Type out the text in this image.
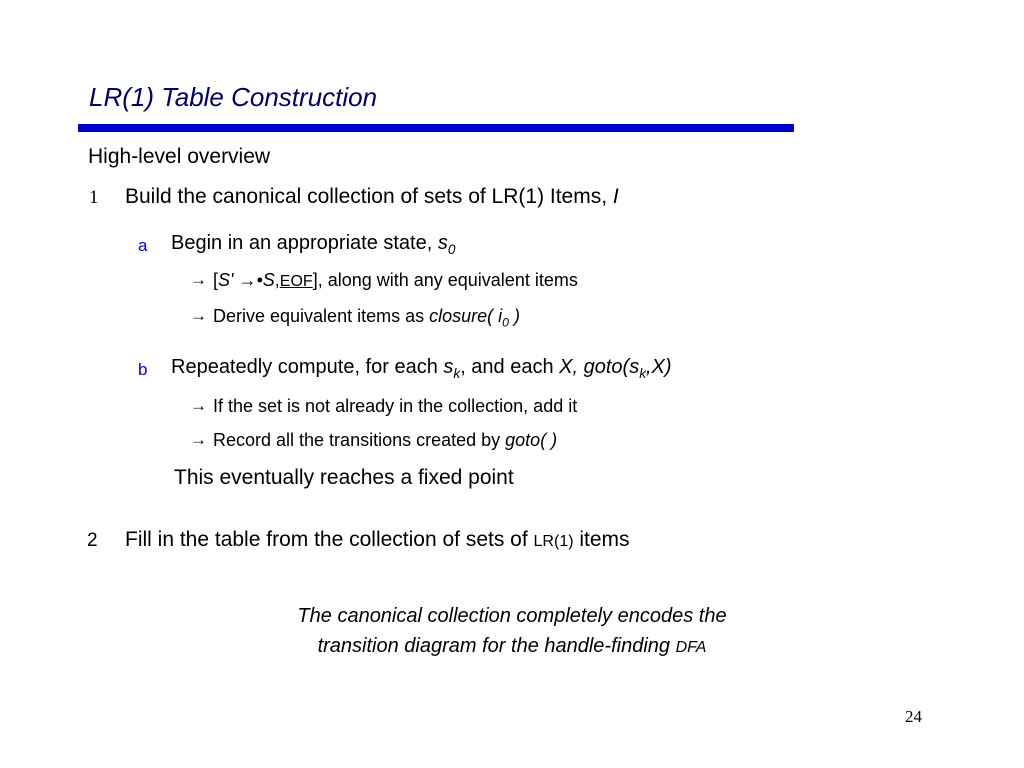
LR(1) Table Construction
High-level overview
1 Build the canonical collection of sets of LR(1) Items, I
a Begin in an appropriate state, $s_0$
→ [S' →•S,EOF], along with any equivalent items
→ Derive equivalent items as closure( $i_0$ )
b Repeatedly compute, for each $s_k$, and each X, $goto(s_k,X)$
→ If the set is not already in the collection, add it
→ Record all the transitions created by goto( )
This eventually reaches a fixed point
2 Fill in the table from the collection of sets of LR(1) items
The canonical collection completely encodes the
transition diagram for the handle-finding DFA
24
